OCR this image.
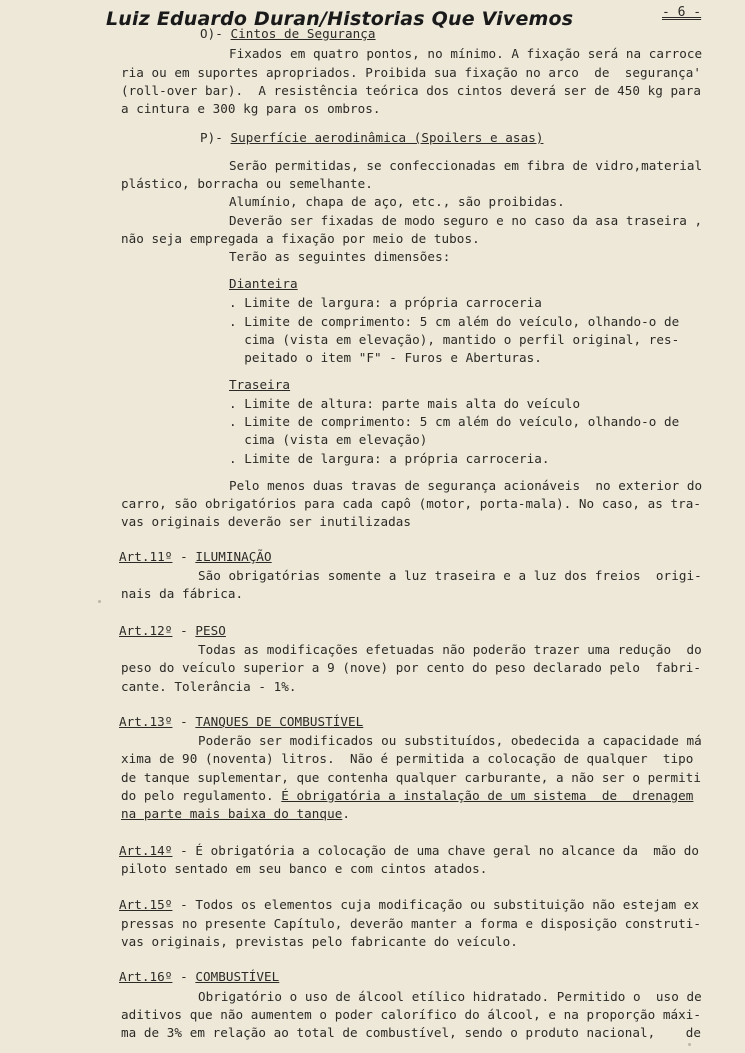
Luiz Eduardo Duran/Historias Que Vivemos	- 6 -
O)- Cintos de Segurança
Fixados em quatro pontos, no mínimo. A fixação será na carroce
ria ou em suportes apropriados. Proibida sua fixação no arco  de  segurança'
(roll-over bar).  A resistência teórica dos cintos deverá ser de 450 kg para
a cintura e 300 kg para os ombros.
P)- Superfície aerodinâmica (Spoilers e asas)
Serão permitidas, se confeccionadas em fibra de vidro,material
plástico, borracha ou semelhante.
Alumínio, chapa de aço, etc., são proibidas.
Deverão ser fixadas de modo seguro e no caso da asa traseira ,
não seja empregada a fixação por meio de tubos.
Terão as seguintes dimensões:
Dianteira
. Limite de largura: a própria carroceria
. Limite de comprimento: 5 cm além do veículo, olhando-o de
cima (vista em elevação), mantido o perfil original, res-
peitado o item "F" - Furos e Aberturas.
Traseira
. Limite de altura: parte mais alta do veículo
. Limite de comprimento: 5 cm além do veículo, olhando-o de
cima (vista em elevação)
. Limite de largura: a própria carroceria.
Pelo menos duas travas de segurança acionáveis  no exterior do
carro, são obrigatórios para cada capô (motor, porta-mala). No caso, as tra-
vas originais deverão ser inutilizadas
Art.11º - ILUMINAÇÃO
São obrigatórias somente a luz traseira e a luz dos freios  origi-
nais da fábrica.
Art.12º - PESO
Todas as modificações efetuadas não poderão trazer uma redução  do
peso do veículo superior a 9 (nove) por cento do peso declarado pelo  fabri-
cante. Tolerância - 1%.
Art.13º - TANQUES DE COMBUSTÍVEL
Poderão ser modificados ou substituídos, obedecida a capacidade má
xima de 90 (noventa) litros.  Não é permitida a colocação de qualquer  tipo
de tanque suplementar, que contenha qualquer carburante, a não ser o permiti
do pelo regulamento. É obrigatória a instalação de um sistema  de  drenagem
na parte mais baixa do tanque.
Art.14º - É obrigatória a colocação de uma chave geral no alcance da  mão do
piloto sentado em seu banco e com cintos atados.
Art.15º - Todos os elementos cuja modificação ou substituição não estejam ex
pressas no presente Capítulo, deverão manter a forma e disposição construti-
vas originais, previstas pelo fabricante do veículo.
Art.16º - COMBUSTÍVEL
Obrigatório o uso de álcool etílico hidratado. Permitido o  uso de
aditivos que não aumentem o poder calorífico do álcool, e na proporção máxi-
ma de 3% em relação ao total de combustível, sendo o produto nacional,    de
